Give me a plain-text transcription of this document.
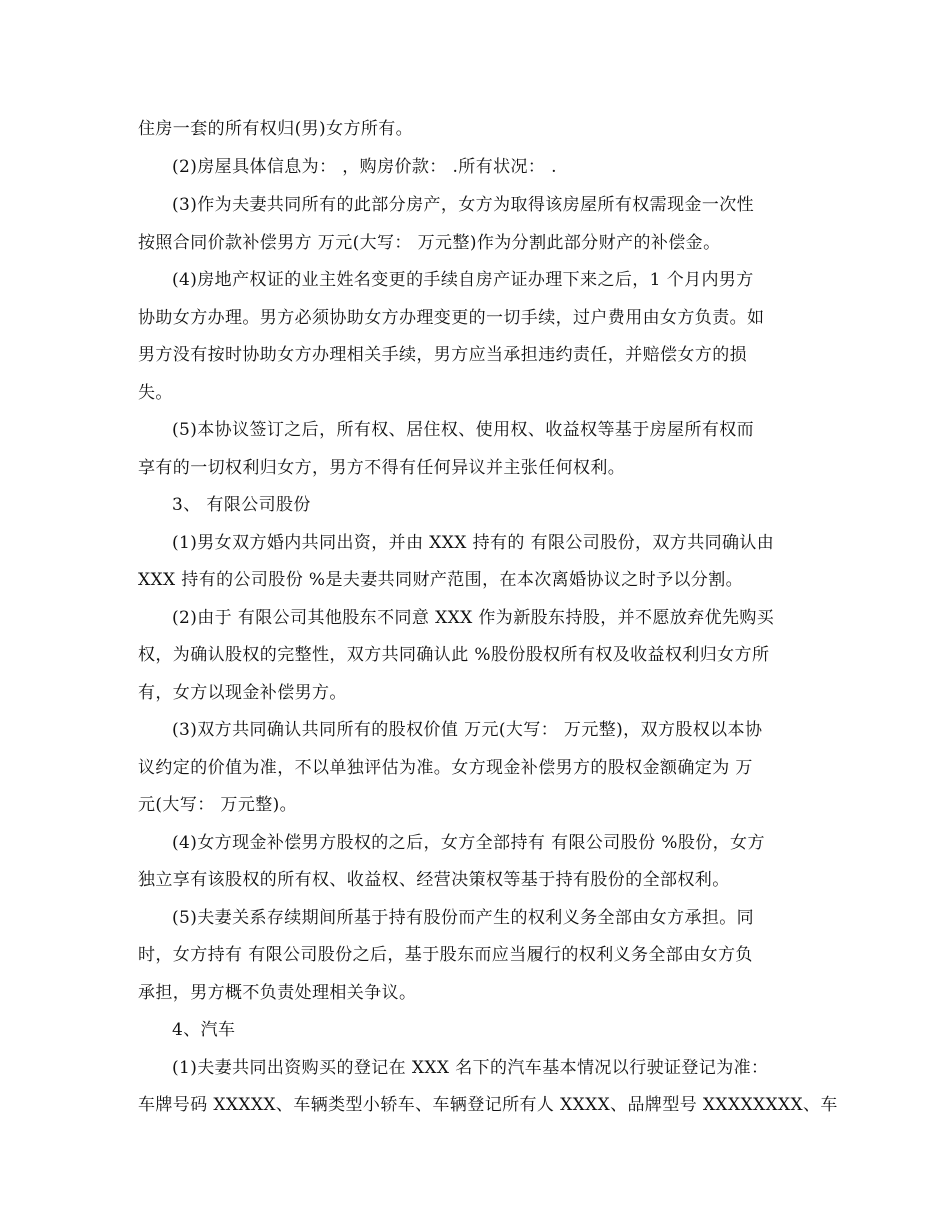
住房一套的所有权归(男)女方所有。
(2)房屋具体信息为： ，购房价款： .所有状况： .
(3)作为夫妻共同所有的此部分房产，女方为取得该房屋所有权需现金一次性
按照合同价款补偿男方 万元(大写： 万元整)作为分割此部分财产的补偿金。
(4)房地产权证的业主姓名变更的手续自房产证办理下来之后，1 个月内男方
协助女方办理。男方必须协助女方办理变更的一切手续，过户费用由女方负责。如
男方没有按时协助女方办理相关手续，男方应当承担违约责任，并赔偿女方的损
失。
(5)本协议签订之后，所有权、居住权、使用权、收益权等基于房屋所有权而
享有的一切权利归女方，男方不得有任何异议并主张任何权利。
3、 有限公司股份
(1)男女双方婚内共同出资，并由 XXX 持有的 有限公司股份，双方共同确认由
XXX 持有的公司股份 %是夫妻共同财产范围，在本次离婚协议之时予以分割。
(2)由于 有限公司其他股东不同意 XXX 作为新股东持股，并不愿放弃优先购买
权，为确认股权的完整性，双方共同确认此 %股份股权所有权及收益权利归女方所
有，女方以现金补偿男方。
(3)双方共同确认共同所有的股权价值 万元(大写： 万元整)，双方股权以本协
议约定的价值为准，不以单独评估为准。女方现金补偿男方的股权金额确定为 万
元(大写： 万元整)。
(4)女方现金补偿男方股权的之后，女方全部持有 有限公司股份 %股份，女方
独立享有该股权的所有权、收益权、经营决策权等基于持有股份的全部权利。
(5)夫妻关系存续期间所基于持有股份而产生的权利义务全部由女方承担。同
时，女方持有 有限公司股份之后，基于股东而应当履行的权利义务全部由女方负
承担，男方概不负责处理相关争议。
4、汽车
(1)夫妻共同出资购买的登记在 XXX 名下的汽车基本情况以行驶证登记为准：
车牌号码 XXXXX、车辆类型小轿车、车辆登记所有人 XXXX、品牌型号 XXXXXXXX、车
